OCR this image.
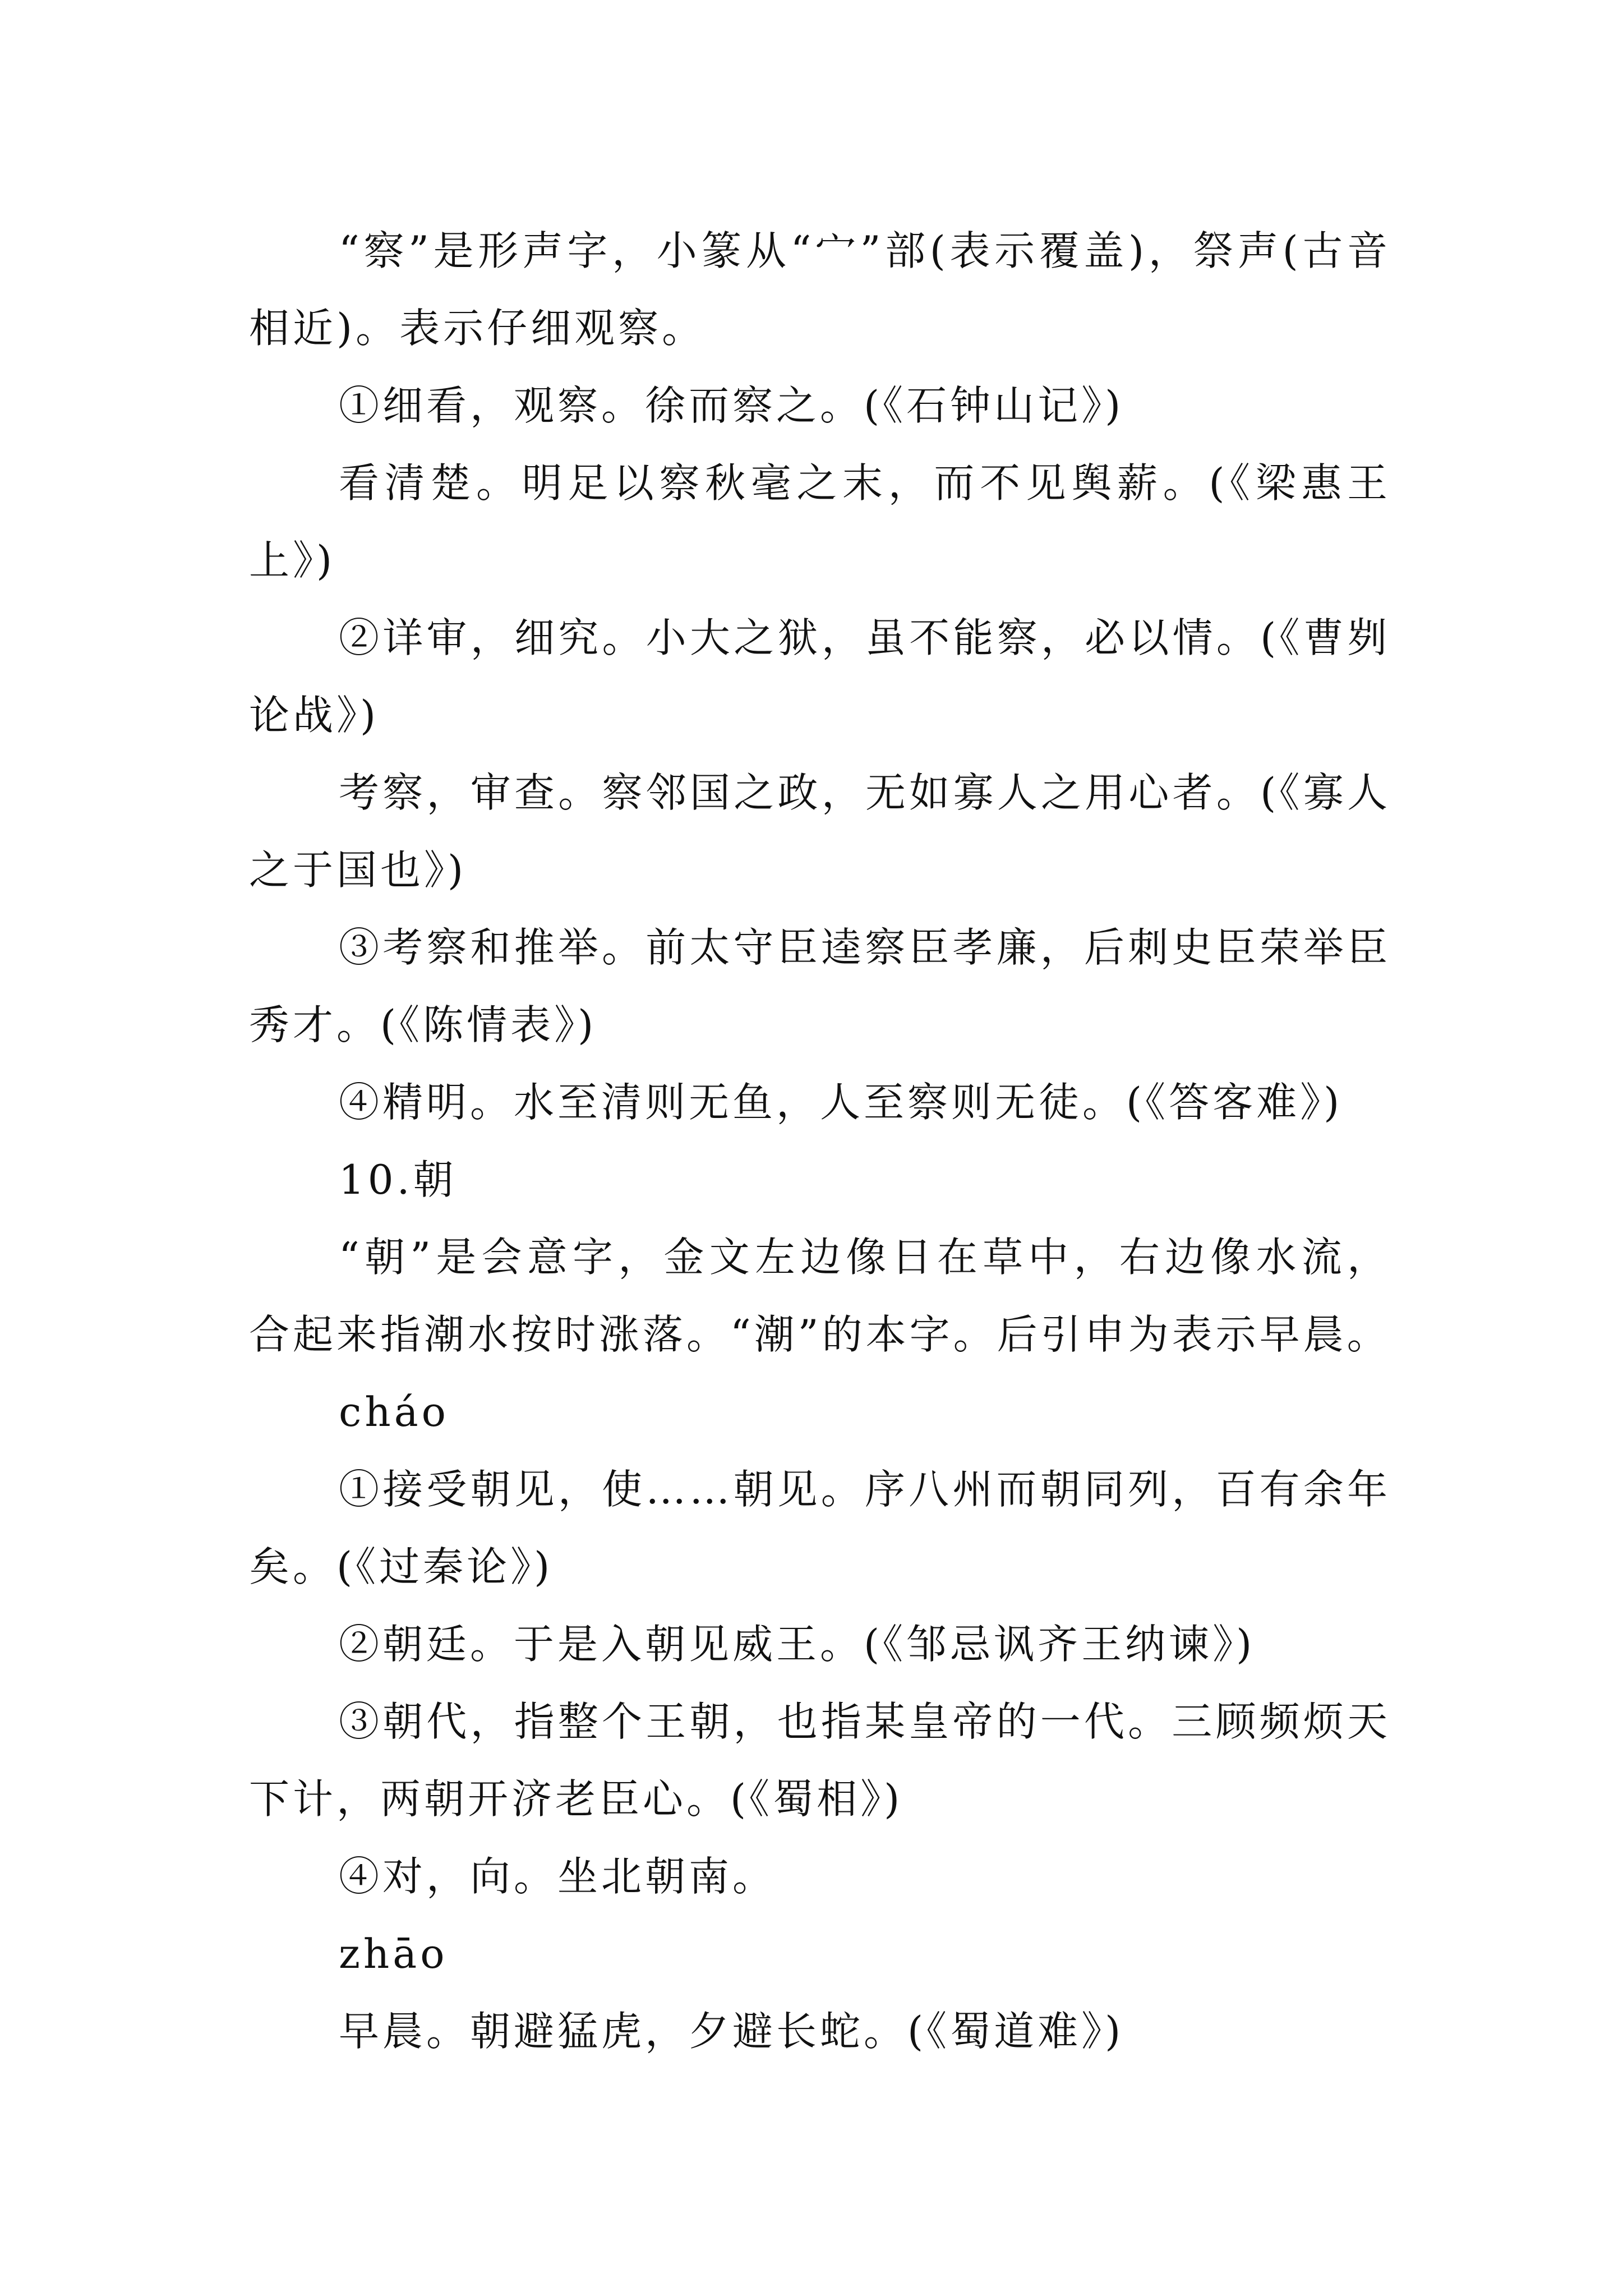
“察”是形声字，小篆从“宀”部(表示覆盖)，祭声(古音相近)。表示仔细观察。

①细看，观察。徐而察之。(《石钟山记》)

看清楚。明足以察秋毫之末，而不见舆薪。(《梁惠王上》)

②详审，细究。小大之狱，虽不能察，必以情。(《曹刿论战》)

考察，审查。察邻国之政，无如寡人之用心者。(《寡人之于国也》)

③考察和推举。前太守臣逵察臣孝廉，后刺史臣荣举臣秀才。(《陈情表》)

④精明。水至清则无鱼，人至察则无徒。(《答客难》)

10.朝

“朝”是会意字，金文左边像日在草中，右边像水流，合起来指潮水按时涨落。“潮”的本字。后引申为表示早晨。

cháo

①接受朝见，使……朝见。序八州而朝同列，百有余年矣。(《过秦论》)

②朝廷。于是入朝见威王。(《邹忌讽齐王纳谏》)

③朝代，指整个王朝，也指某皇帝的一代。三顾频烦天下计，两朝开济老臣心。(《蜀相》)

④对，向。坐北朝南。

zhāo

早晨。朝避猛虎，夕避长蛇。(《蜀道难》)
